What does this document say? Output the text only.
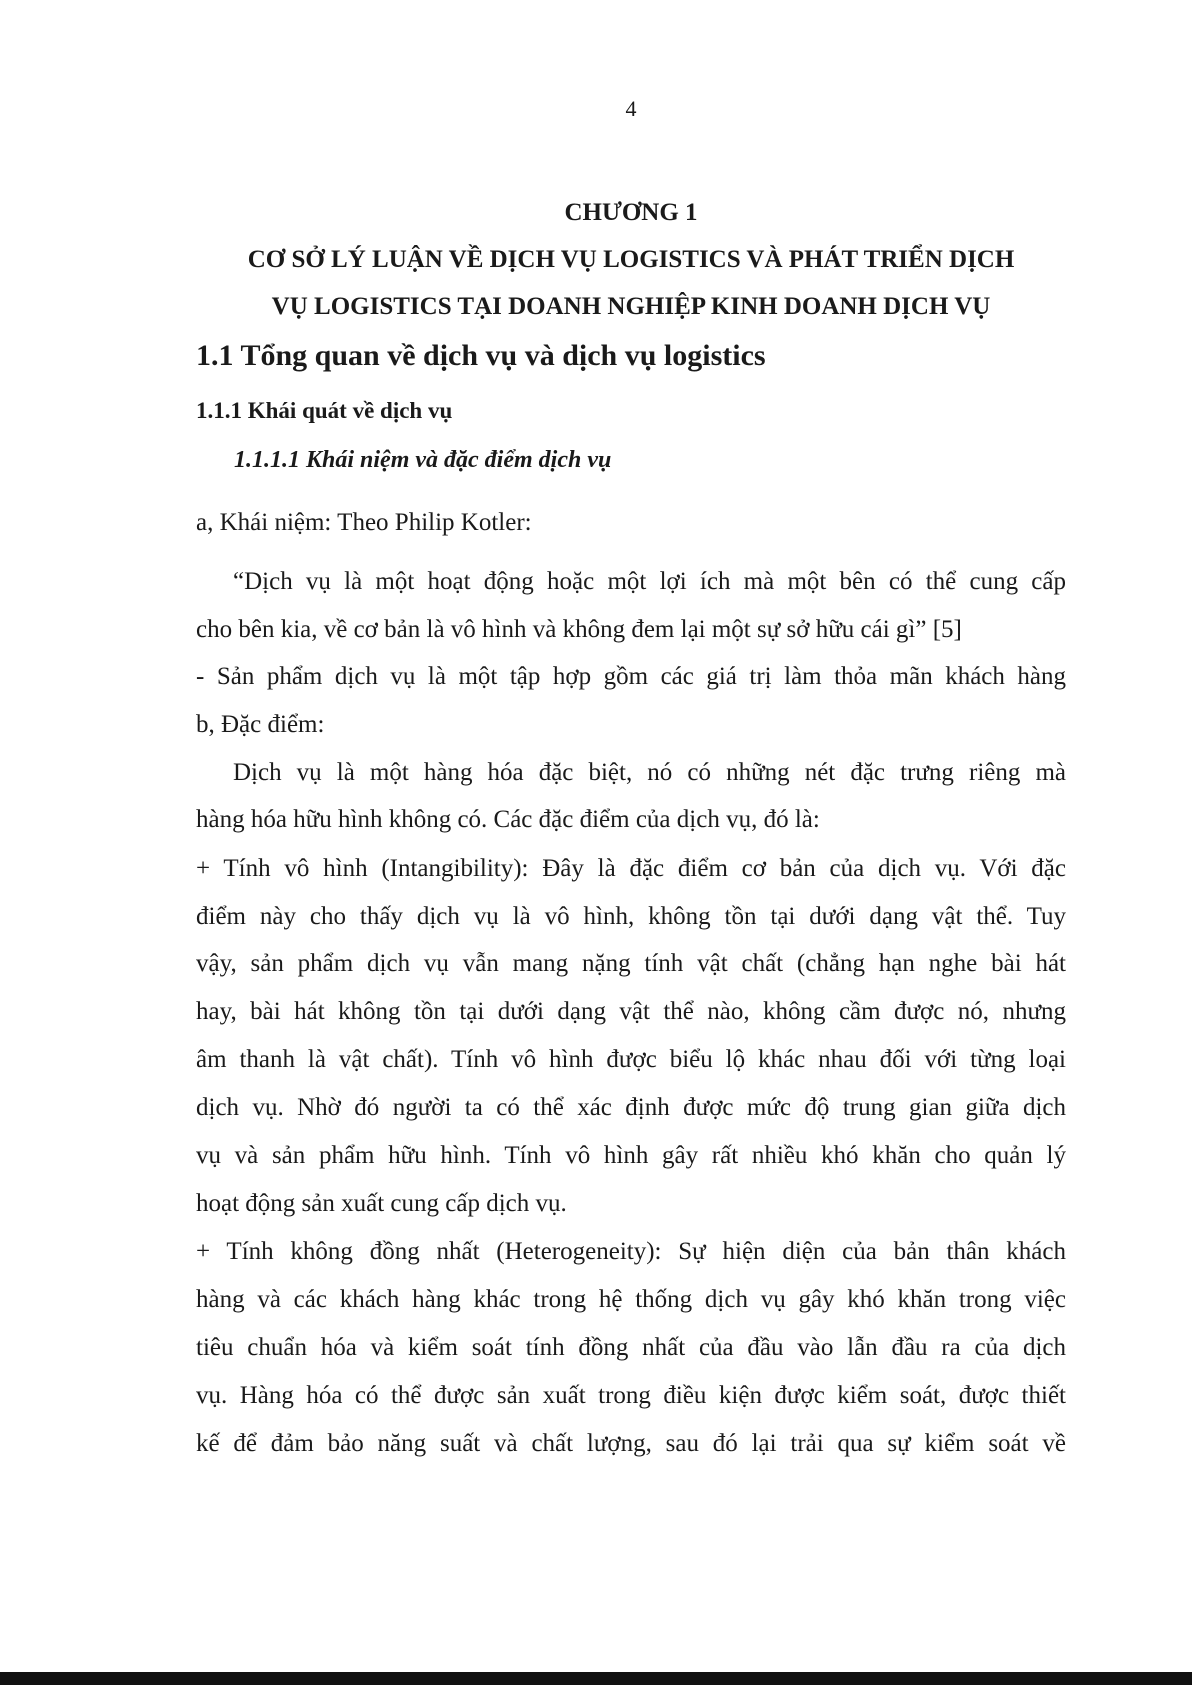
4
CHƯƠNG 1
CƠ SỞ LÝ LUẬN VỀ DỊCH VỤ LOGISTICS VÀ PHÁT TRIỂN DỊCH
VỤ LOGISTICS TẠI DOANH NGHIỆP KINH DOANH DỊCH VỤ
1.1 Tổng quan về dịch vụ và dịch vụ logistics
1.1.1 Khái quát về dịch vụ
1.1.1.1 Khái niệm và đặc điểm dịch vụ
a, Khái niệm: Theo Philip Kotler:
“Dịch vụ là một hoạt động hoặc một lợi ích mà một bên có thể cung cấp
cho bên kia, về cơ bản là vô hình và không đem lại một sự sở hữu cái gì” [5]
- Sản phẩm dịch vụ là một tập hợp gồm các giá trị làm thỏa mãn khách hàng
b, Đặc điểm:
Dịch vụ là một hàng hóa đặc biệt, nó có những nét đặc trưng riêng mà
hàng hóa hữu hình không có. Các đặc điểm của dịch vụ, đó là:
+ Tính vô hình (Intangibility): Đây là đặc điểm cơ bản của dịch vụ. Với đặc
điểm này cho thấy dịch vụ là vô hình, không tồn tại dưới dạng vật thể. Tuy
vậy, sản phẩm dịch vụ vẫn mang nặng tính vật chất (chẳng hạn nghe bài hát
hay, bài hát không tồn tại dưới dạng vật thể nào, không cầm được nó, nhưng
âm thanh là vật chất). Tính vô hình được biểu lộ khác nhau đối với từng loại
dịch vụ. Nhờ đó người ta có thể xác định được mức độ trung gian giữa dịch
vụ và sản phẩm hữu hình. Tính vô hình gây rất nhiều khó khăn cho quản lý
hoạt động sản xuất cung cấp dịch vụ.
+ Tính không đồng nhất (Heterogeneity): Sự hiện diện của bản thân khách
hàng và các khách hàng khác trong hệ thống dịch vụ gây khó khăn trong việc
tiêu chuẩn hóa và kiểm soát tính đồng nhất của đầu vào lẫn đầu ra của dịch
vụ. Hàng hóa có thể được sản xuất trong điều kiện được kiểm soát, được thiết
kế để đảm bảo năng suất và chất lượng, sau đó lại trải qua sự kiểm soát về
